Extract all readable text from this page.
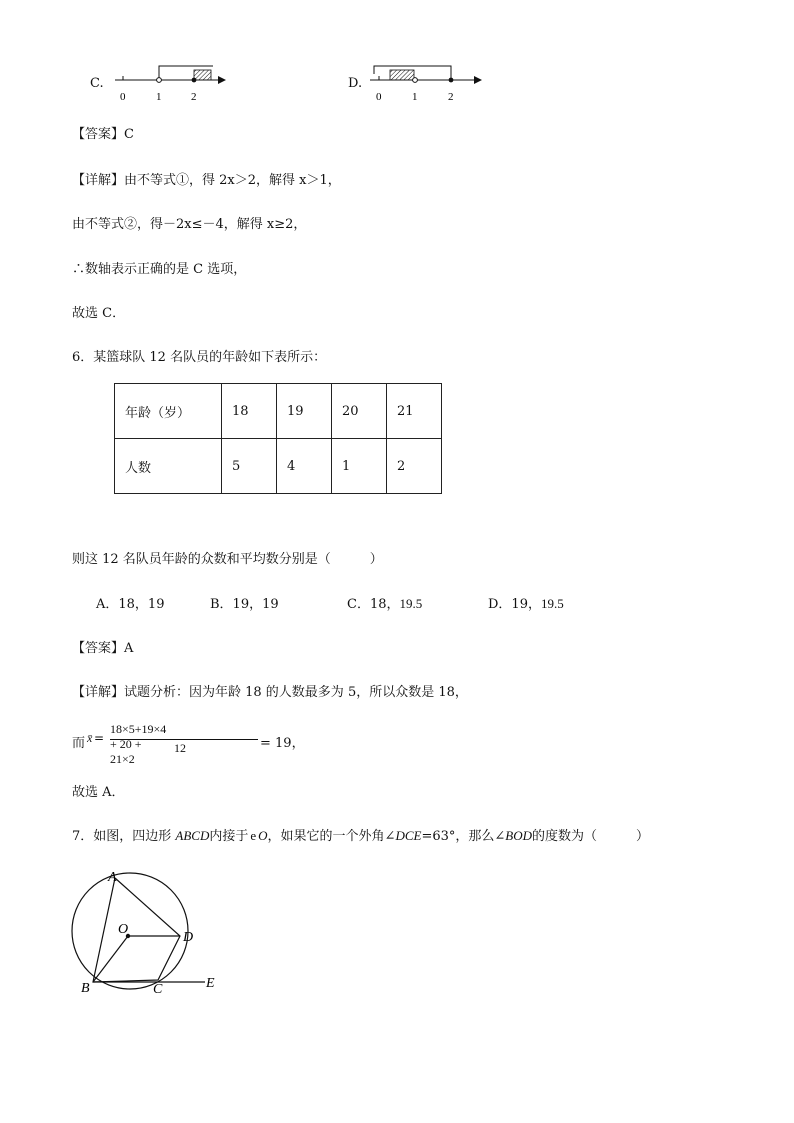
C.
0	1	2
D.
0	1	2
【答案】C
【详解】由不等式①，得 2x＞2，解得 x＞1，
由不等式②，得－2x≤－4，解得 x≥2，
∴数轴表示正确的是 C 选项，
故选 C．
6．某篮球队 12 名队员的年龄如下表所示：
年龄（岁）	18	19	20	21
人数	5	4	1	2
则这 12 名队员年龄的众数和平均数分别是（　　　）
A．18，19	B．19，19	C．18，19.5	D．19，19.5
【答案】A
【详解】试题分析：因为年龄 18 的人数最多为 5，所以众数是 18，
而 x̄ =
18×5+19×4 + 20 + 21×2
12	= 19，
故选 A．
7．如图，四边形 ABCD内接于 e O，如果它的一个外角∠DCE=63°，那么∠BOD的度数为（　　　）
A
O
D
B	C	E
